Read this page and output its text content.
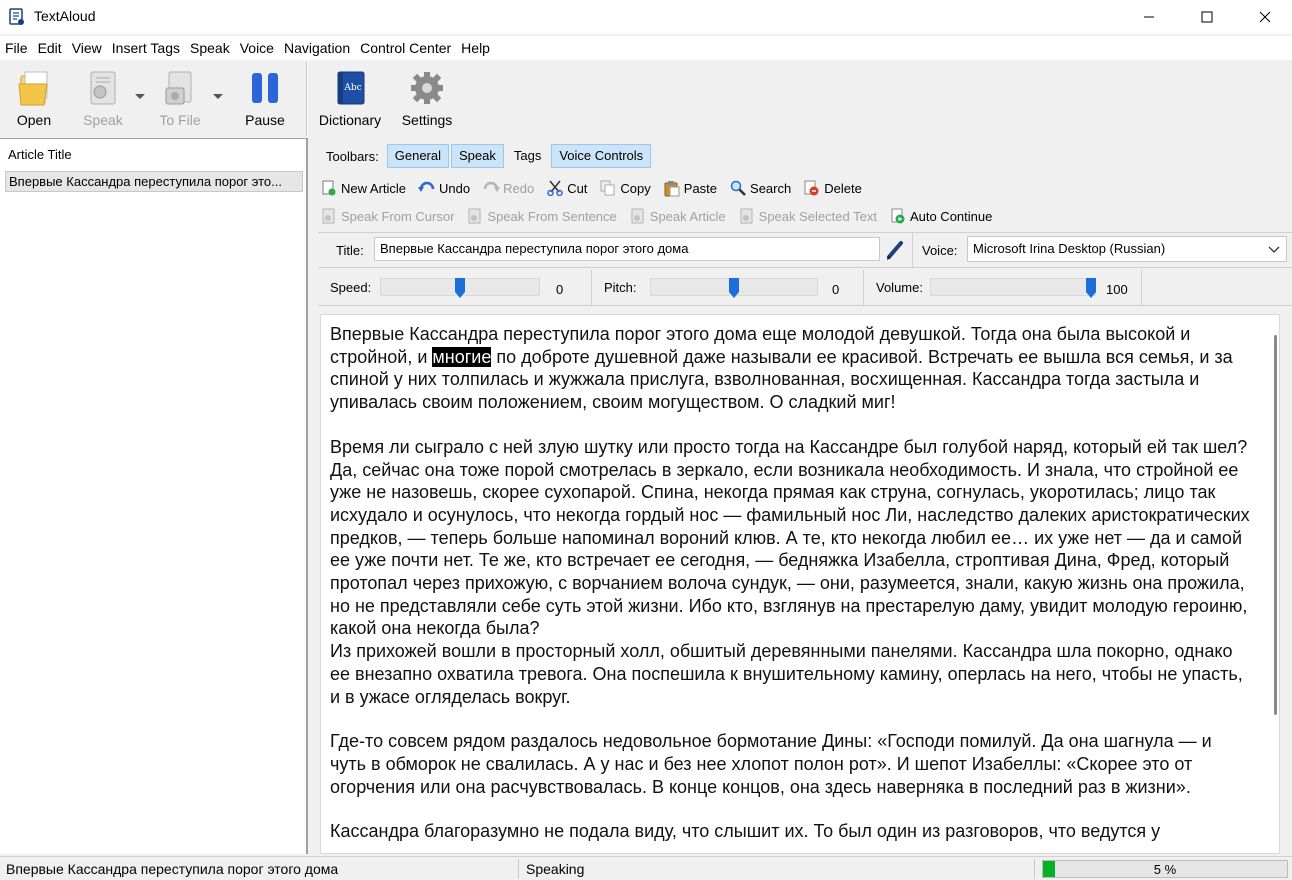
TextAloud
File Edit View Insert Tags Speak Voice Navigation Control Center Help
Open Speak	To File	Pause
Abc
Dictionary Settings
Article Title
Впервые Кассандра переступила порог это...
Toolbars:	General	Speak	Tags	Voice Controls
New Article	Undo	Redo	Cut	Copy	Paste	Search	Delete
Speak From Cursor	Speak From Sentence	Speak Article	Speak Selected Text	Auto Continue
Title:	Впервые Кассандра переступила порог этого дома	Voice:	Microsoft Irina Desktop (Russian)
Speed:	0	Pitch:	0	Volume:	100

Впервые Кассандра переступила порог этого дома еще молодой девушкой. Тогда она была высокой и стройной, и многие по доброте душевной даже называли ее красивой. Встречать ее вышла вся семья, и за спиной у них толпилась и жужжала прислуга, взволнованная, восхищенная. Кассандра тогда застыла и упивалась своим положением, своим могуществом. О сладкий миг!

Время ли сыграло с ней злую шутку или просто тогда на Кассандре был голубой наряд, который ей так шел? Да, сейчас она тоже порой смотрелась в зеркало, если возникала необходимость. И знала, что стройной ее уже не назовешь, скорее сухопарой. Спина, некогда прямая как струна, согнулась, укоротилась; лицо так исхудало и осунулось, что некогда гордый нос — фамильный нос Ли, наследство далеких аристократических предков, — теперь больше напоминал вороний клюв. А те, кто некогда любил ее… их уже нет — да и самой ее уже почти нет. Те же, кто встречает ее сегодня, — бедняжка Изабелла, строптивая Дина, Фред, который протопал через прихожую, с ворчанием волоча сундук, — они, разумеется, знали, какую жизнь она прожила, но не представляли себе суть этой жизни. Ибо кто, взглянув на престарелую даму, увидит молодую героиню, какой она некогда была?

Из прихожей вошли в просторный холл, обшитый деревянными панелями. Кассандра шла покорно, однако ее внезапно охватила тревога. Она поспешила к внушительному камину, оперлась на него, чтобы не упасть, и в ужасе огляделась вокруг.

Где-то совсем рядом раздалось недовольное бормотание Дины: «Господи помилуй. Да она шагнула — и чуть в обморок не свалилась. А у нас и без нее хлопот полон рот». И шепот Изабеллы: «Скорее это от огорчения или она расчувствовалась. В конце концов, она здесь наверняка в последний раз в жизни».

Кассандра благоразумно не подала виду, что слышит их. То был один из разговоров, что ведутся у

Впервые Кассандра переступила порог этого дома	Speaking	5 %
